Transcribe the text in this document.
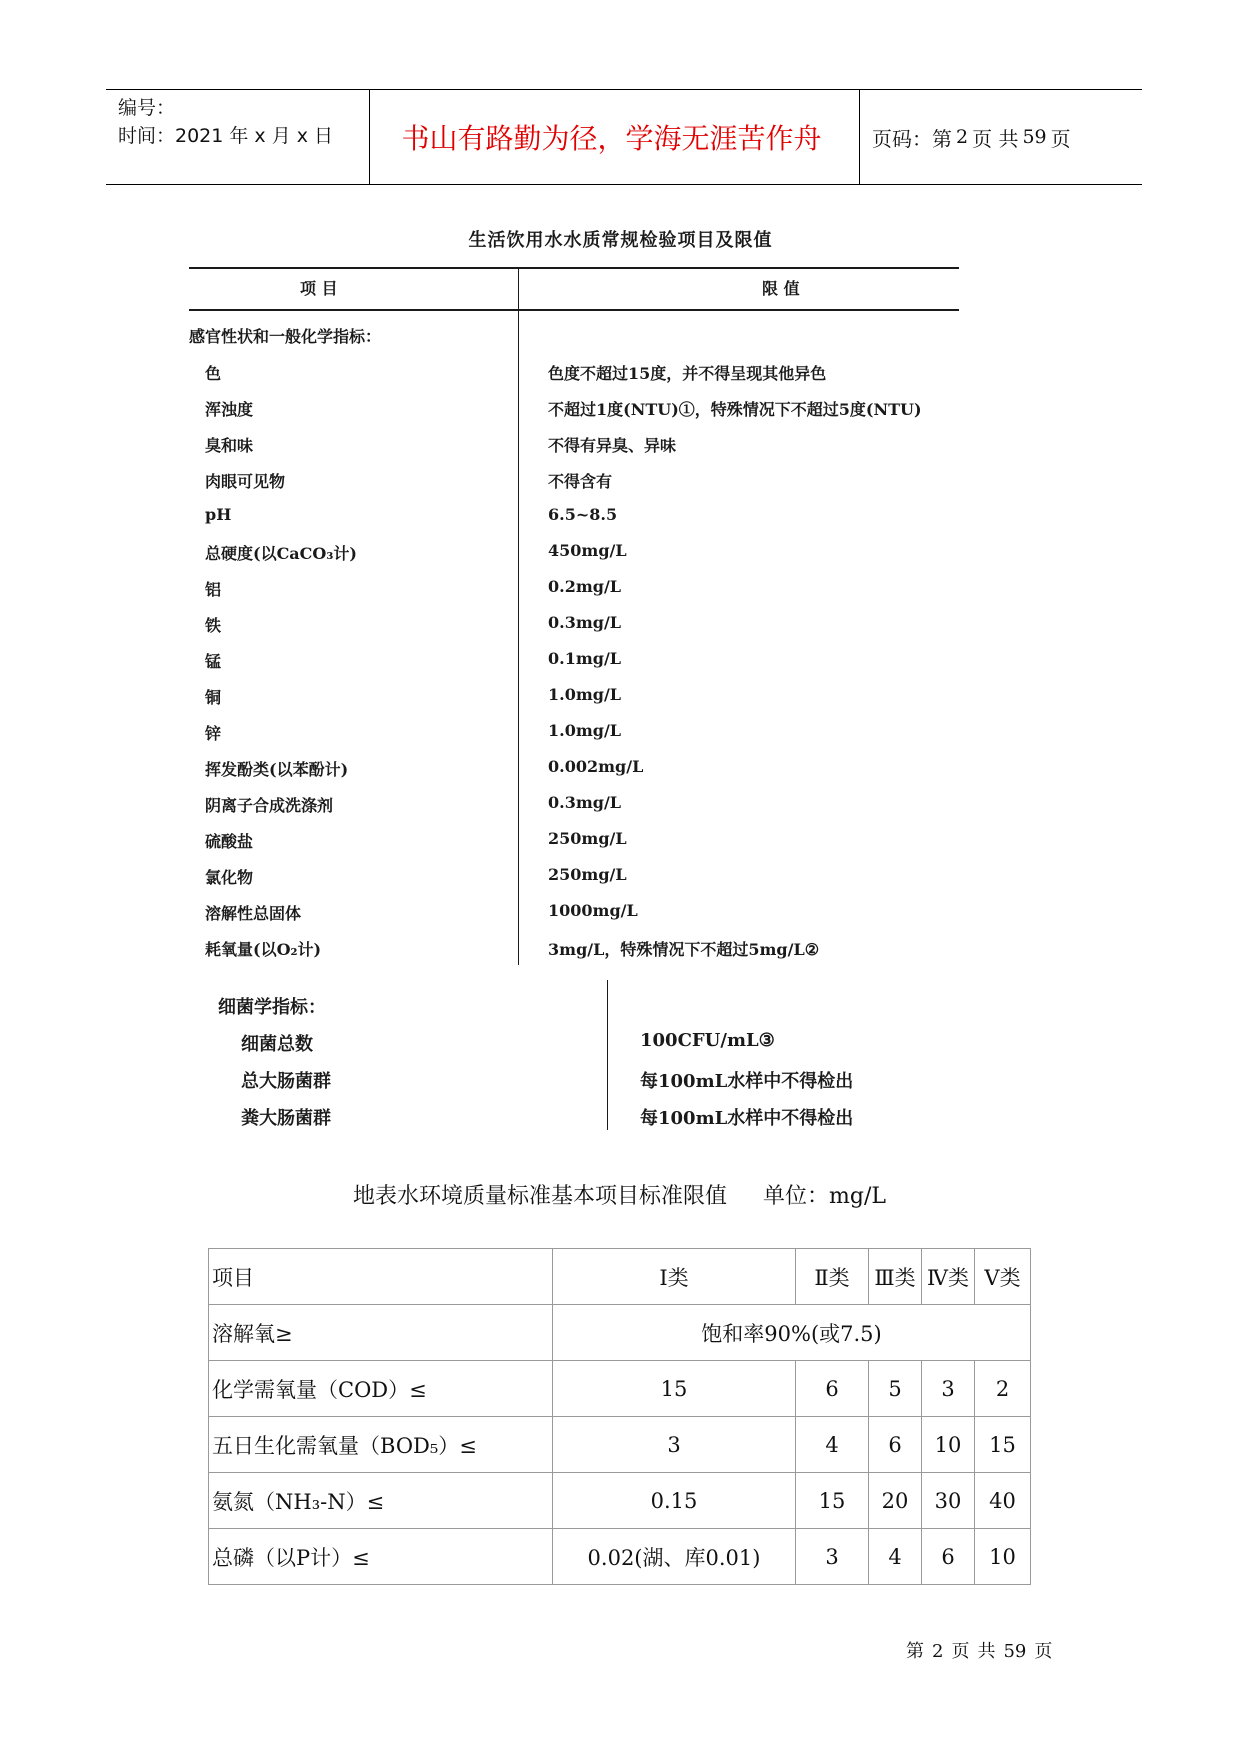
编号：
时间：2021 年 x 月 x 日	书山有路勤为径，学海无涯苦作舟	页码：第 2 页 共 59 页
生活饮用水水质常规检验项目及限值
项 目	限 值
感官性状和一般化学指标：
色	色度不超过15度，并不得呈现其他异色
浑浊度	不超过1度(NTU)①，特殊情况下不超过5度(NTU)
臭和味	不得有异臭、异味
肉眼可见物	不得含有
pH	6.5~8.5
总硬度(以CaCO₃计)	450mg/L
铝	0.2mg/L
铁	0.3mg/L
锰	0.1mg/L
铜	1.0mg/L
锌	1.0mg/L
挥发酚类(以苯酚计)	0.002mg/L
阴离子合成洗涤剂	0.3mg/L
硫酸盐	250mg/L
氯化物	250mg/L
溶解性总固体	1000mg/L
耗氧量(以O₂计)	3mg/L，特殊情况下不超过5mg/L②
细菌学指标：
细菌总数	100CFU/mL③
总大肠菌群	每100mL水样中不得检出
粪大肠菌群	每100mL水样中不得检出
地表水环境质量标准基本项目标准限值 单位：mg/L
项目	Ⅰ类	Ⅱ类	Ⅲ类	Ⅳ类	Ⅴ类
溶解氧≥	饱和率90%(或7.5)				
化学需氧量（COD）≤	15	6	5	3	2
五日生化需氧量（BOD₅）≤	3	4	6	10	15
氨氮（NH₃-N）≤	0.15	15	20	30	40
总磷（以P计）≤	0.02(湖、库0.01)	3	4	6	10
第 2 页 共 59 页
